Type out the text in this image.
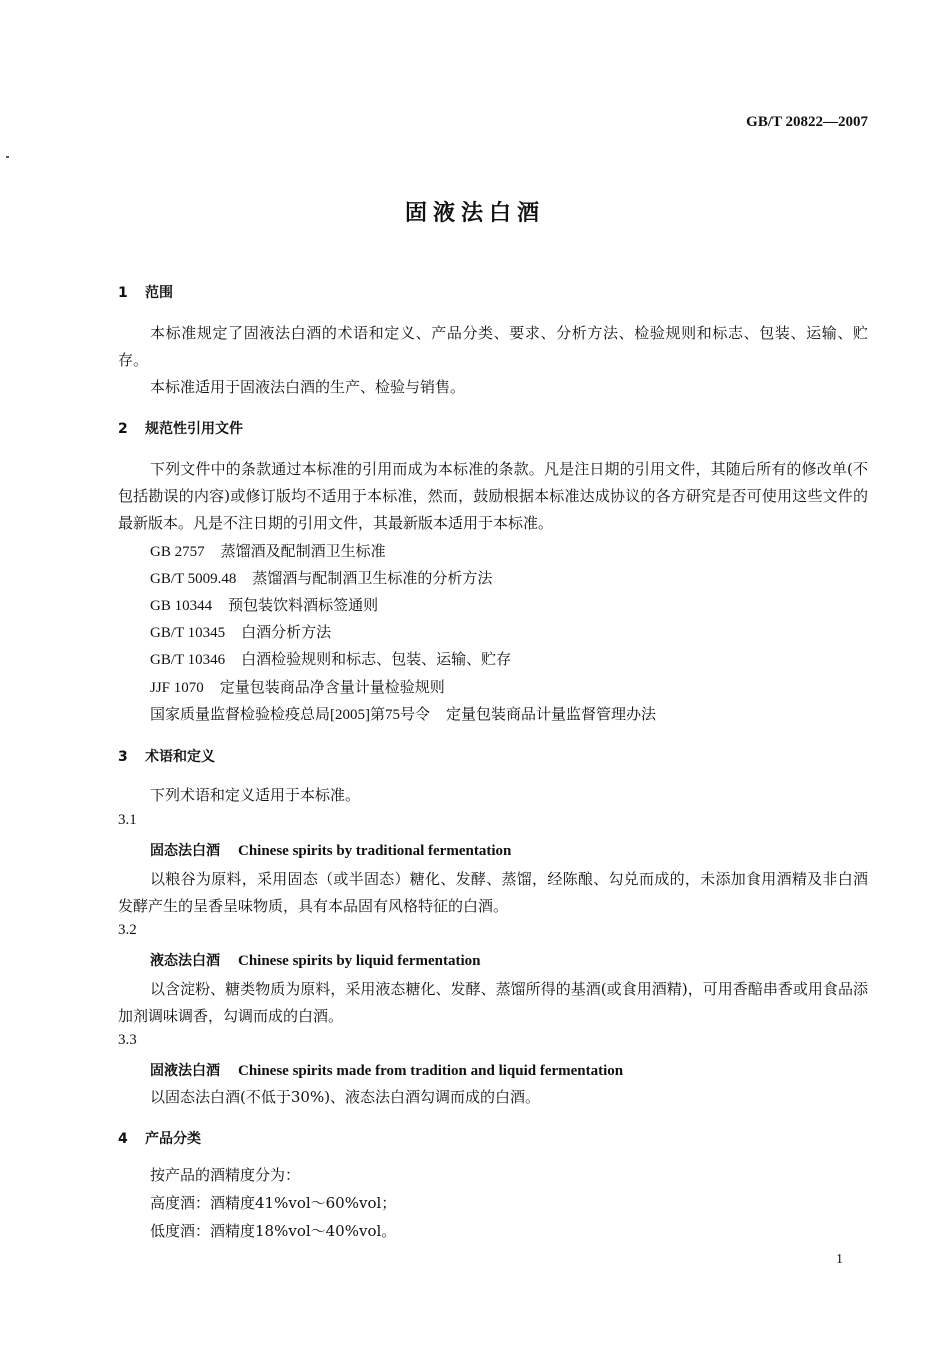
GB/T 20822—2007
固液法白酒
1 范围
本标准规定了固液法白酒的术语和定义、产品分类、要求、分析方法、检验规则和标志、包装、运输、贮存。
本标准适用于固液法白酒的生产、检验与销售。
2 规范性引用文件
下列文件中的条款通过本标准的引用而成为本标准的条款。凡是注日期的引用文件，其随后所有的修改单(不包括勘误的内容)或修订版均不适用于本标准，然而，鼓励根据本标准达成协议的各方研究是否可使用这些文件的最新版本。凡是不注日期的引用文件，其最新版本适用于本标准。
GB 2757 蒸馏酒及配制酒卫生标准
GB/T 5009.48 蒸馏酒与配制酒卫生标准的分析方法
GB 10344 预包装饮料酒标签通则
GB/T 10345 白酒分析方法
GB/T 10346 白酒检验规则和标志、包装、运输、贮存
JJF 1070 定量包装商品净含量计量检验规则
国家质量监督检验检疫总局[2005]第75号令 定量包装商品计量监督管理办法
3 术语和定义
下列术语和定义适用于本标准。
3.1
固态法白酒 Chinese spirits by traditional fermentation
以粮谷为原料，采用固态（或半固态）糖化、发酵、蒸馏，经陈酿、勾兑而成的，未添加食用酒精及非白酒发酵产生的呈香呈味物质，具有本品固有风格特征的白酒。
3.2
液态法白酒 Chinese spirits by liquid fermentation
以含淀粉、糖类物质为原料，采用液态糖化、发酵、蒸馏所得的基酒(或食用酒精)，可用香醅串香或用食品添加剂调味调香，勾调而成的白酒。
3.3
固液法白酒 Chinese spirits made from tradition and liquid fermentation
以固态法白酒(不低于30%)、液态法白酒勾调而成的白酒。
4 产品分类
按产品的酒精度分为：
高度酒：酒精度41%vol～60%vol；
低度酒：酒精度18%vol～40%vol。
1
